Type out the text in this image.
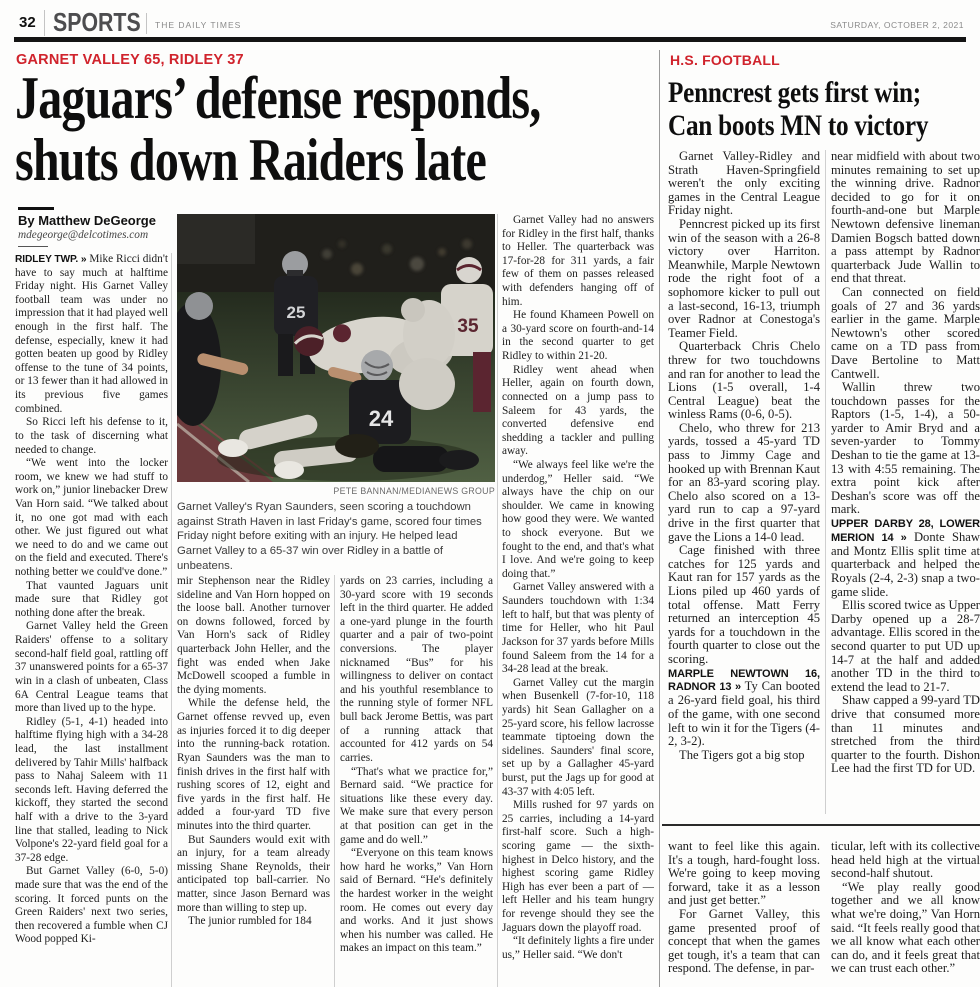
32 SPORTS THE DAILY TIMES	SATURDAY, OCTOBER 2, 2021
GARNET VALLEY 65, RIDLEY 37
Jaguars’ defense responds,
shuts down Raiders late
By Matthew DeGeorge
mdegeorge@delcotimes.com

RIDLEY TWP. » Mike Ricci didn't have to say much at halftime Friday night. His Garnet Valley football team was under no impression that it had played well enough in the first half. The defense, especially, knew it had gotten beaten up good by Ridley offense to the tune of 34 points, or 13 fewer than it had allowed in its previous five games combined.

So Ricci left his defense to it, to the task of discerning what needed to change.

“We went into the locker room, we knew we had stuff to work on,” junior linebacker Drew Van Horn said. “We talked about it, no one got mad with each other. We just figured out what we need to do and we came out on the field and executed. There's nothing better we could've done.”

That vaunted Jaguars unit made sure that Ridley got nothing done after the break.

Garnet Valley held the Green Raiders' offense to a solitary second-half field goal, rattling off 37 unanswered points for a 65-37 win in a clash of unbeaten, Class 6A Central League teams that more than lived up to the hype.

Ridley (5-1, 4-1) headed into halftime flying high with a 34-28 lead, the last installment delivered by Tahir Mills' halfback pass to Nahaj Saleem with 11 seconds left. Having deferred the kickoff, they started the second half with a drive to the 3-yard line that stalled, leading to Nick Volpone's 22-yard field goal for a 37-28 edge.

But Garnet Valley (6-0, 5-0) made sure that was the end of the scoring. It forced punts on the Green Raiders' next two series, then recovered a fumble when CJ Wood popped Ki-

25
24
35
PETE BANNAN/MEDIANEWS GROUP
Garnet Valley's Ryan Saunders, seen scoring a touchdown against Strath Haven in last Friday's game, scored four times Friday night before exiting with an injury. He helped lead Garnet Valley to a 65-37 win over Ridley in a battle of unbeatens.

mir Stephenson near the Ridley sideline and Van Horn hopped on the loose ball. Another turnover on downs followed, forced by Van Horn's sack of Ridley quarterback John Heller, and the fight was ended when Jake McDowell scooped a fumble in the dying moments.

While the defense held, the Garnet offense revved up, even as injuries forced it to dig deeper into the running-back rotation. Ryan Saunders was the man to finish drives in the first half with rushing scores of 12, eight and five yards in the first half. He added a four-yard TD five minutes into the third quarter.

But Saunders would exit with an injury, for a team already missing Shane Reynolds, their anticipated top ball-carrier. No matter, since Jason Bernard was more than willing to step up.

The junior rumbled for 184

yards on 23 carries, including a 30-yard score with 19 seconds left in the third quarter. He added a one-yard plunge in the fourth quarter and a pair of two-point conversions. The player nicknamed “Bus” for his willingness to deliver on contact and his youthful resemblance to the running style of former NFL bull back Jerome Bettis, was part of a running attack that accounted for 412 yards on 54 carries.

“That's what we practice for,” Bernard said. “We practice for situations like these every day. We make sure that every person at that position can get in the game and do well.”

“Everyone on this team knows how hard he works,” Van Horn said of Bernard. “He's definitely the hardest worker in the weight room. He comes out every day and works. And it just shows when his number was called. He makes an impact on this team.”

Garnet Valley had no answers for Ridley in the first half, thanks to Heller. The quarterback was 17-for-28 for 311 yards, a fair few of them on passes released with defenders hanging off of him.

He found Khameen Powell on a 30-yard score on fourth-and-14 in the second quarter to get Ridley to within 21-20.

Ridley went ahead when Heller, again on fourth down, connected on a jump pass to Saleem for 43 yards, the converted defensive end shedding a tackler and pulling away.

“We always feel like we're the underdog,” Heller said. “We always have the chip on our shoulder. We came in knowing how good they were. We wanted to shock everyone. But we fought to the end, and that's what I love. And we're going to keep doing that.”

Garnet Valley answered with a Saunders touchdown with 1:34 left to half, but that was plenty of time for Heller, who hit Paul Jackson for 37 yards before Mills found Saleem from the 14 for a 34-28 lead at the break.

Garnet Valley cut the margin when Busenkell (7-for-10, 118 yards) hit Sean Gallagher on a 25-yard score, his fellow lacrosse teammate tiptoeing down the sidelines. Saunders' final score, set up by a Gallagher 45-yard burst, put the Jags up for good at 43-37 with 4:05 left.

Mills rushed for 97 yards on 25 carries, including a 14-yard first-half score. Such a high-scoring game — the sixth-highest in Delco history, and the highest scoring game Ridley High has ever been a part of — left Heller and his team hungry for revenge should they see the Jaguars down the playoff road.

“It definitely lights a fire under us,” Heller said. “We don't

H.S. FOOTBALL
Penncrest gets first win;
Can boots MN to victory

Garnet Valley-Ridley and Strath Haven-Springfield weren't the only exciting games in the Central League Friday night.

Penncrest picked up its first win of the season with a 26-8 victory over Harriton. Meanwhile, Marple Newtown rode the right foot of a sophomore kicker to pull out a last-second, 16-13, triumph over Radnor at Conestoga's Teamer Field.

Quarterback Chris Chelo threw for two touchdowns and ran for another to lead the Lions (1-5 overall, 1-4 Central League) beat the winless Rams (0-6, 0-5).

Chelo, who threw for 213 yards, tossed a 45-yard TD pass to Jimmy Cage and hooked up with Brennan Kaut for an 83-yard scoring play. Chelo also scored on a 13-yard run to cap a 97-yard drive in the first quarter that gave the Lions a 14-0 lead.

Cage finished with three catches for 125 yards and Kaut ran for 157 yards as the Lions piled up 460 yards of total offense. Matt Ferry returned an interception 45 yards for a touchdown in the fourth quarter to close out the scoring.

MARPLE NEWTOWN 16, RADNOR 13 » Ty Can booted a 26-yard field goal, his third of the game, with one second left to win it for the Tigers (4-2, 3-2).

The Tigers got a big stop

near midfield with about two minutes remaining to set up the winning drive. Radnor decided to go for it on fourth-and-one but Marple Newtown defensive lineman Damien Bogsch batted down a pass attempt by Radnor quarterback Jude Wallin to end that threat.

Can connected on field goals of 27 and 36 yards earlier in the game. Marple Newtown's other scored came on a TD pass from Dave Bertoline to Matt Cantwell.

Wallin threw two touchdown passes for the Raptors (1-5, 1-4), a 50-yarder to Amir Bryd and a seven-yarder to Tommy Deshan to tie the game at 13-13 with 4:55 remaining. The extra point kick after Deshan's score was off the mark.

UPPER DARBY 28, LOWER MERION 14 » Donte Shaw and Montz Ellis split time at quarterback and helped the Royals (2-4, 2-3) snap a two-game slide.

Ellis scored twice as Upper Darby opened up a 28-7 advantage. Ellis scored in the second quarter to put UD up 14-7 at the half and added another TD in the third to extend the lead to 21-7.

Shaw capped a 99-yard TD drive that consumed more than 11 minutes and stretched from the third quarter to the fourth. Dishon Lee had the first TD for UD.

want to feel like this again. It's a tough, hard-fought loss. We're going to keep moving forward, take it as a lesson and just get better.”

For Garnet Valley, this game presented proof of concept that when the games get tough, it's a team that can respond. The defense, in par-

ticular, left with its collective head held high at the virtual second-half shutout.

“We play really good together and we all know what we're doing,” Van Horn said. “It feels really good that we all know what each other can do, and it feels great that we can trust each other.”
